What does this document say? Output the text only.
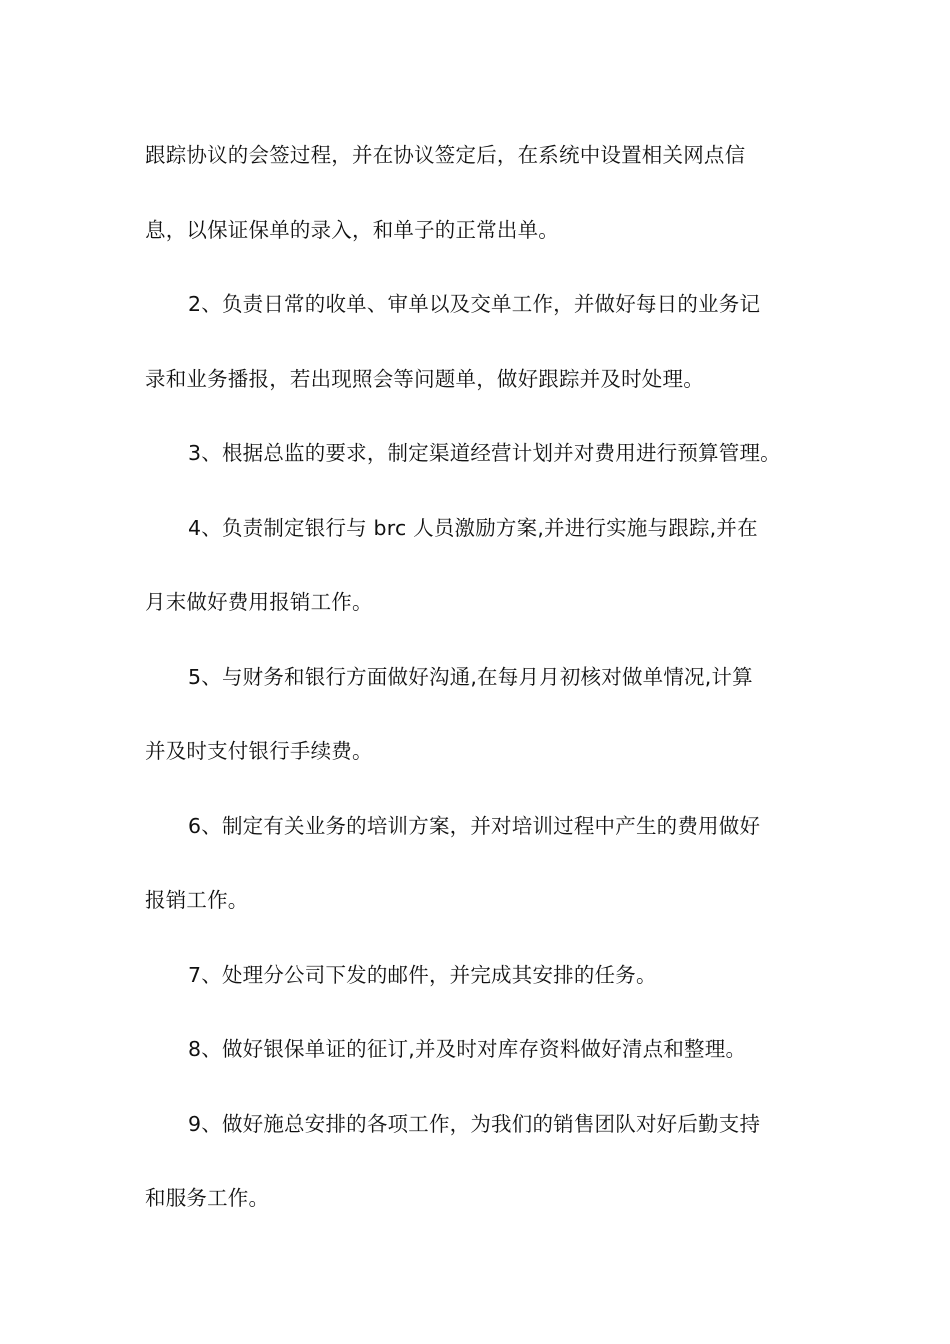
跟踪协议的会签过程，并在协议签定后，在系统中设置相关网点信
息，以保证保单的录入，和单子的正常出单。
2、负责日常的收单、审单以及交单工作，并做好每日的业务记
录和业务播报，若出现照会等问题单，做好跟踪并及时处理。
3、根据总监的要求，制定渠道经营计划并对费用进行预算管理。
4、负责制定银行与 brc 人员激励方案,并进行实施与跟踪,并在
月末做好费用报销工作。
5、与财务和银行方面做好沟通,在每月月初核对做单情况,计算
并及时支付银行手续费。
6、制定有关业务的培训方案，并对培训过程中产生的费用做好
报销工作。
7、处理分公司下发的邮件，并完成其安排的任务。
8、做好银保单证的征订,并及时对库存资料做好清点和整理。
9、做好施总安排的各项工作，为我们的销售团队对好后勤支持
和服务工作。
